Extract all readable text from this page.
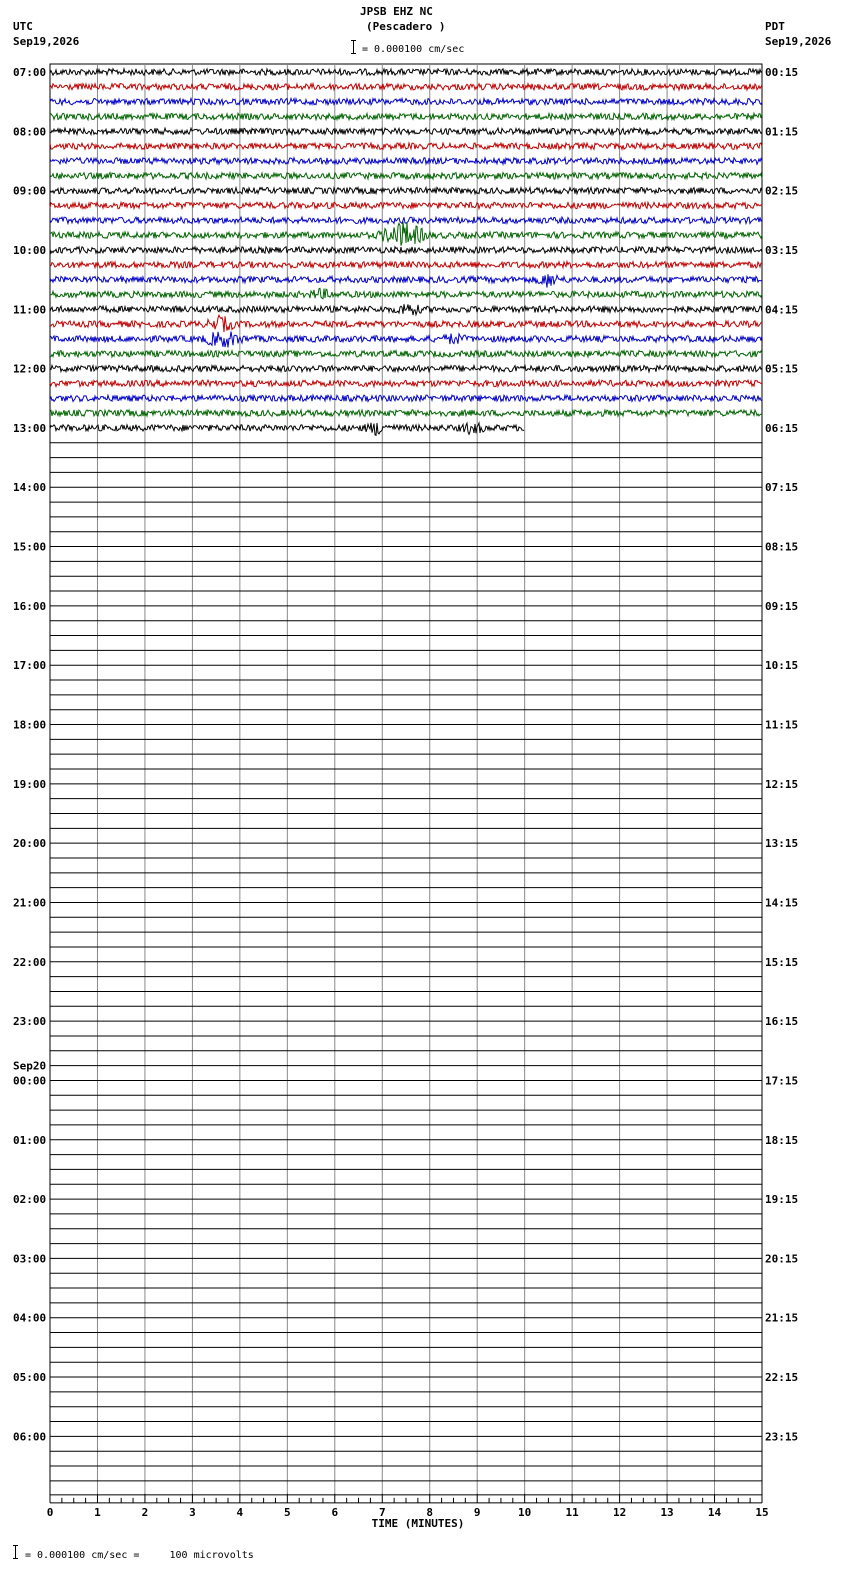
JPSB EHZ NC
(Pescadero )
= 0.000100 cm/sec
UTC
Sep19,2026
PDT
Sep19,2026
07:00	00:15
08:00	01:15
09:00	02:15
10:00	03:15
11:00	04:15
12:00	05:15
13:00	06:15
14:00	07:15
15:00	08:15
16:00	09:15
17:00	10:15
18:00	11:15
19:00	12:15
20:00	13:15
21:00	14:15
22:00	15:15
23:00	16:15
00:00	17:15
01:00	18:15
02:00	19:15
03:00	20:15
04:00	21:15
05:00	22:15
06:00	23:15
Sep20
0	1	2	3	4	5	6	7	8	9	10	11	12	13	14	15
TIME (MINUTES)
= 0.000100 cm/sec =     100 microvolts
